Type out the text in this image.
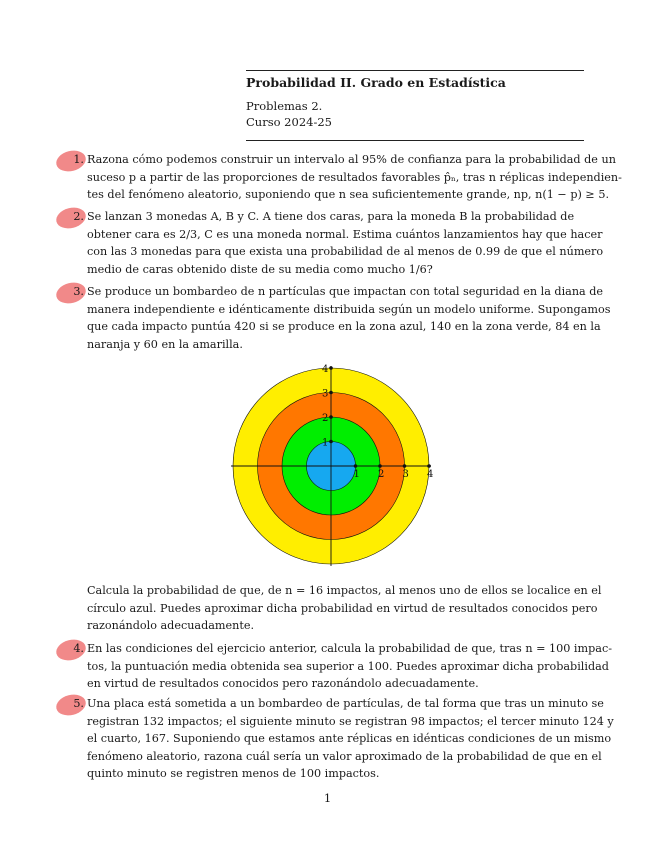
Probabilidad II. Grado en Estadística
Problemas 2.
Curso 2024-25
1. Razona cómo podemos construir un intervalo al 95% de confianza para la probabilidad de un
suceso p a partir de las proporciones de resultados favorables p̂ₙ, tras n réplicas independien-
tes del fenómeno aleatorio, suponiendo que n sea suficientemente grande, np, n(1 − p) ≥ 5.
2. Se lanzan 3 monedas A, B y C. A tiene dos caras, para la moneda B la probabilidad de
obtener cara es 2/3, C es una moneda normal. Estima cuántos lanzamientos hay que hacer
con las 3 monedas para que exista una probabilidad de al menos de 0.99 de que el número
medio de caras obtenido diste de su media como mucho 1/6?
3. Se produce un bombardeo de n partículas que impactan con total seguridad en la diana de
manera independiente e idénticamente distribuida según un modelo uniforme. Supongamos
que cada impacto puntúa 420 si se produce en la zona azul, 140 en la zona verde, 84 en la
naranja y 60 en la amarilla.
1
1
2
2
3
3
4
4
Calcula la probabilidad de que, de n = 16 impactos, al menos uno de ellos se localice en el
círculo azul. Puedes aproximar dicha probabilidad en virtud de resultados conocidos pero
razonándolo adecuadamente.
4. En las condiciones del ejercicio anterior, calcula la probabilidad de que, tras n = 100 impac-
tos, la puntuación media obtenida sea superior a 100. Puedes aproximar dicha probabilidad
en virtud de resultados conocidos pero razonándolo adecuadamente.
5. Una placa está sometida a un bombardeo de partículas, de tal forma que tras un minuto se
registran 132 impactos; el siguiente minuto se registran 98 impactos; el tercer minuto 124 y
el cuarto, 167. Suponiendo que estamos ante réplicas en idénticas condiciones de un mismo
fenómeno aleatorio, razona cuál sería un valor aproximado de la probabilidad de que en el
quinto minuto se registren menos de 100 impactos.
1
